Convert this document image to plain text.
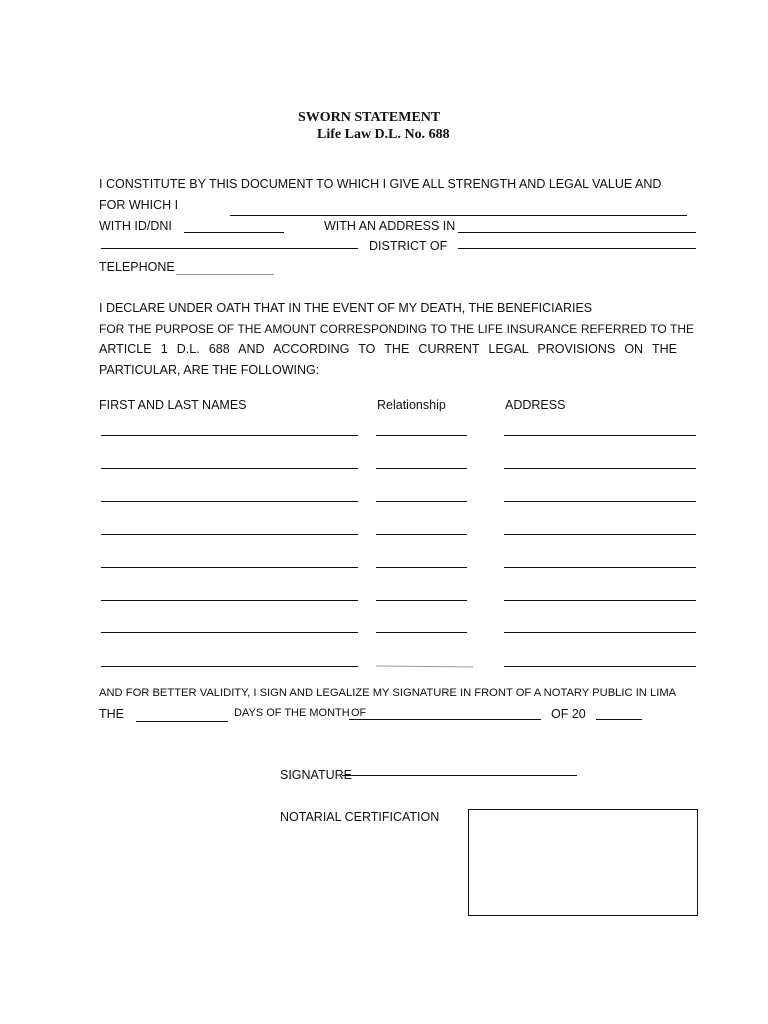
SWORN STATEMENT
Life Law D.L. No. 688
I CONSTITUTE BY THIS DOCUMENT TO WHICH I GIVE ALL STRENGTH AND LEGAL VALUE AND
FOR WHICH I
WITH ID/DNI	WITH AN ADDRESS IN
DISTRICT OF
TELEPHONE
I DECLARE UNDER OATH THAT IN THE EVENT OF MY DEATH, THE BENEFICIARIES
FOR THE PURPOSE OF THE AMOUNT CORRESPONDING TO THE LIFE INSURANCE REFERRED TO THE
ARTICLE 1 D.L. 688 AND ACCORDING TO THE CURRENT LEGAL PROVISIONS ON THE
PARTICULAR, ARE THE FOLLOWING:
FIRST AND LAST NAMES	Relationship	ADDRESS
AND FOR BETTER VALIDITY, I SIGN AND LEGALIZE MY SIGNATURE IN FRONT OF A NOTARY PUBLIC IN LIMA
THE	DAYS OF THE MONTH OF	OF 20
SIGNATURE
NOTARIAL CERTIFICATION
